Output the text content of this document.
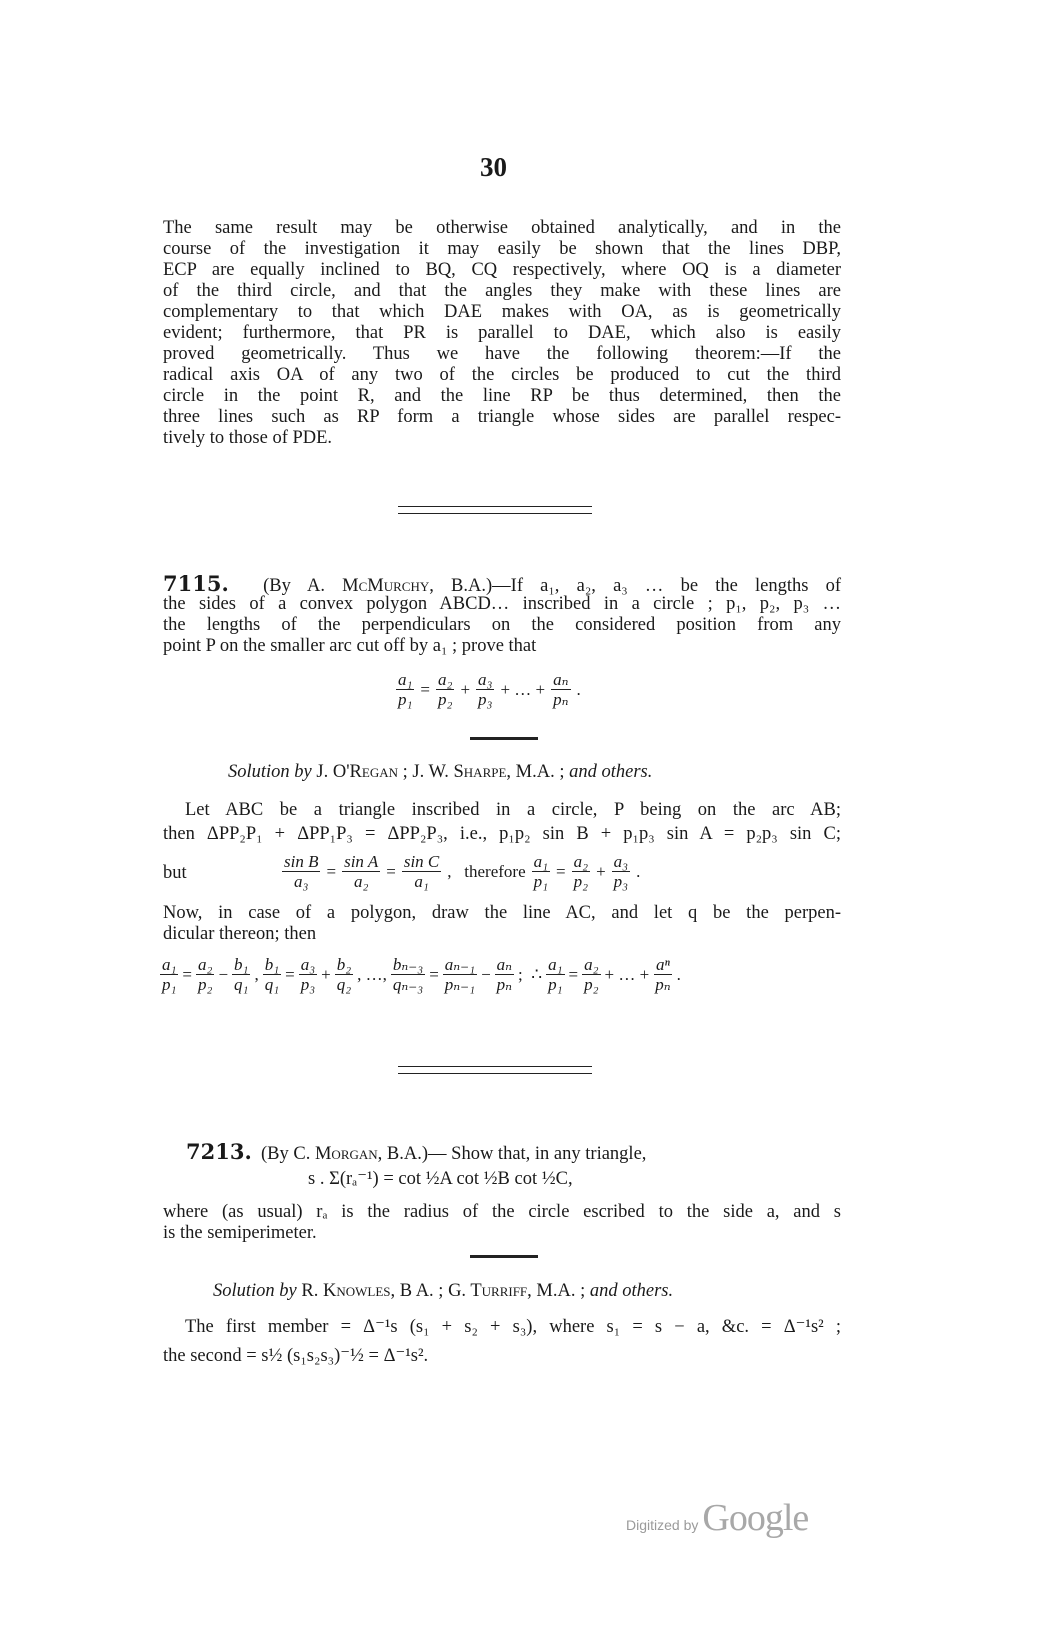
30
The same result may be otherwise obtained analytically, and in the
course of the investigation it may easily be shown that the lines DBP,
ECP are equally inclined to BQ, CQ respectively, where OQ is a diameter
of the third circle, and that the angles they make with these lines are
complementary to that which DAE makes with OA, as is geometrically
evident; furthermore, that PR is parallel to DAE, which also is easily
proved geometrically. Thus we have the following theorem:—If the
radical axis OA of any two of the circles be produced to cut the third
circle in the point R, and the line RP be thus determined, then the
three lines such as RP form a triangle whose sides are parallel respec-
tively to those of PDE.
7115. (By A. McMurchy, B.A.)—If a₁, a₂, a₃ … be the lengths of
the sides of a convex polygon ABCD… inscribed in a circle ; p₁, p₂, p₃ …
the lengths of the perpendiculars on the considered position from any
point P on the smaller arc cut off by a₁ ; prove that
$\frac{\text{a₁}}{\text{p₁}} = \frac{\text{a₂}}{\text{p₂}} + \frac{\text{a₃}}{\text{p₃}}$ + … + $\frac{\text{aₙ}}{\text{pₙ}}$ .
Solution by J. O'Regan ; J. W. Sharpe, M.A. ; and others.
Let ABC be a triangle inscribed in a circle, P being on the arc AB;
then ΔPP₂P₁ + ΔPP₁P₃ = ΔPP₂P₃, i.e., p₁p₂ sin B + p₁p₃ sin A = p₂p₃ sin C;
but	$\frac{\text{sin B}}{\text{a₃}} = \frac{\text{sin A}}{\text{a₂}} = \frac{\text{sin C}}{\text{a₁}}$ ,   therefore $\frac{\text{a₁}}{\text{p₁}} = \frac{\text{a₂}}{\text{p₂}} + \frac{\text{a₃}}{\text{p₃}}$ .
Now, in case of a polygon, draw the line AC, and let q be the perpen-
dicular thereon; then
$\frac{\text{a₁}}{\text{p₁}} = \frac{\text{a₂}}{\text{p₂}} - \frac{\text{b₁}}{\text{q₁}}$ , $\frac{\text{b₁}}{\text{q₁}} = \frac{\text{a₃}}{\text{p₃}} + \frac{\text{b₂}}{\text{q₂}}$ , …, $\frac{\text{bₙ₋₃}}{\text{qₙ₋₃}} = \frac{\text{aₙ₋₁}}{\text{pₙ₋₁}} - \frac{\text{aₙ}}{\text{pₙ}}$ ;  ∴ $\frac{\text{a₁}}{\text{p₁}} = \frac{\text{a₂}}{\text{p₂}}$ + … + $\frac{\text{aⁿ}}{\text{pₙ}}$ .
7213. (By C. Morgan, B.A.)— Show that, in any triangle,
s . Σ(rₐ⁻¹) = cot ½A cot ½B cot ½C,
where (as usual) rₐ is the radius of the circle escribed to the side a, and s
is the semiperimeter.
Solution by R. Knowles, B A. ; G. Turriff, M.A. ; and others.
The first member = Δ⁻¹s (s₁ + s₂ + s₃), where s₁ = s − a, &c. = Δ⁻¹s² ;
the second = s½ (s₁s₂s₃)⁻½ = Δ⁻¹s².
Digitized by Google
